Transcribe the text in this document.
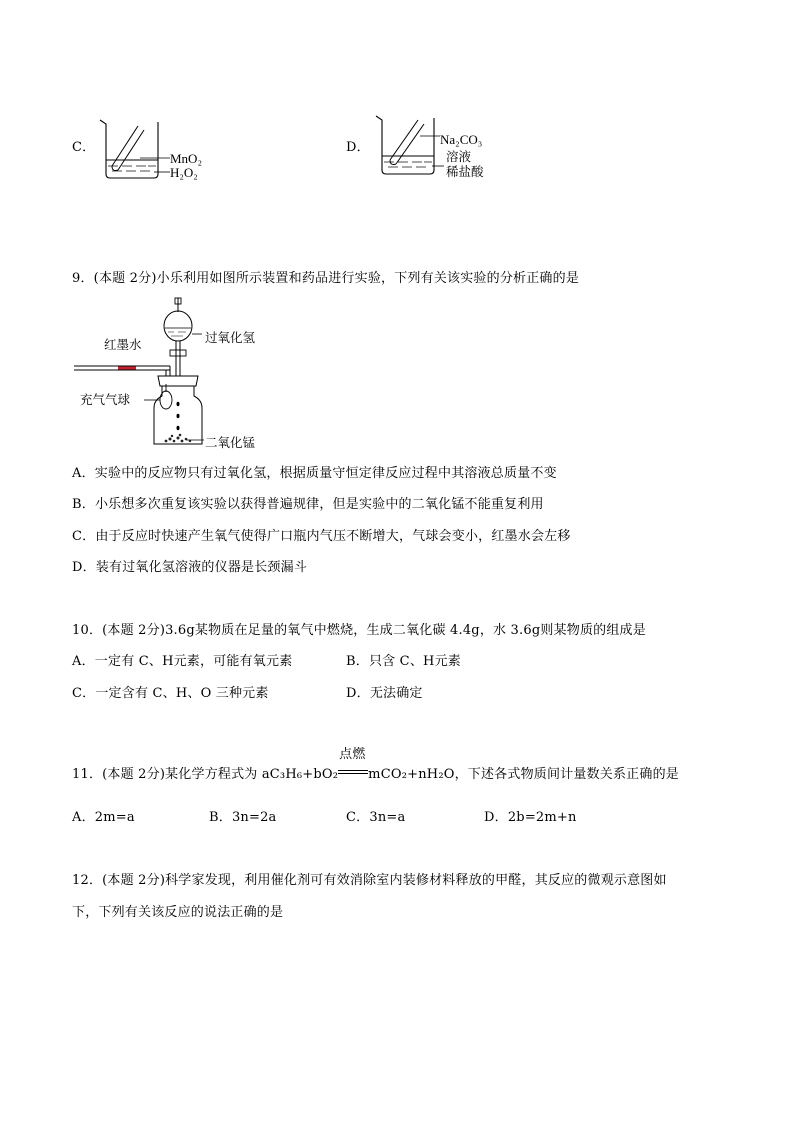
C．
MnO₂
H₂O₂
D．
Na₂CO₃
溶液
稀盐酸
9．(本题 2分)小乐利用如图所示装置和药品进行实验，下列有关该实验的分析正确的是
红墨水	过氧化氢
充气气球
二氧化锰
A．实验中的反应物只有过氧化氢，根据质量守恒定律反应过程中其溶液总质量不变
B．小乐想多次重复该实验以获得普遍规律，但是实验中的二氧化锰不能重复利用
C．由于反应时快速产生氧气使得广口瓶内气压不断增大，气球会变小，红墨水会左移
D．装有过氧化氢溶液的仪器是长颈漏斗
10．(本题 2分)3.6g某物质在足量的氧气中燃烧，生成二氧化碳 4.4g，水 3.6g则某物质的组成是
A．一定有 C、H元素，可能有氧元素	B．只含 C、H元素
C．一定含有 C、H、O 三种元素	D．无法确定
11．(本题 2分)某化学方程式为 aC₃H₆+bO₂
点燃
mCO₂+nH₂O，下述各式物质间计量数关系正确的是
A．2m=a	B．3n=2a	C．3n=a	D．2b=2m+n
12．(本题 2分)科学家发现，利用催化剂可有效消除室内装修材料释放的甲醛，其反应的微观示意图如
下，下列有关该反应的说法正确的是
